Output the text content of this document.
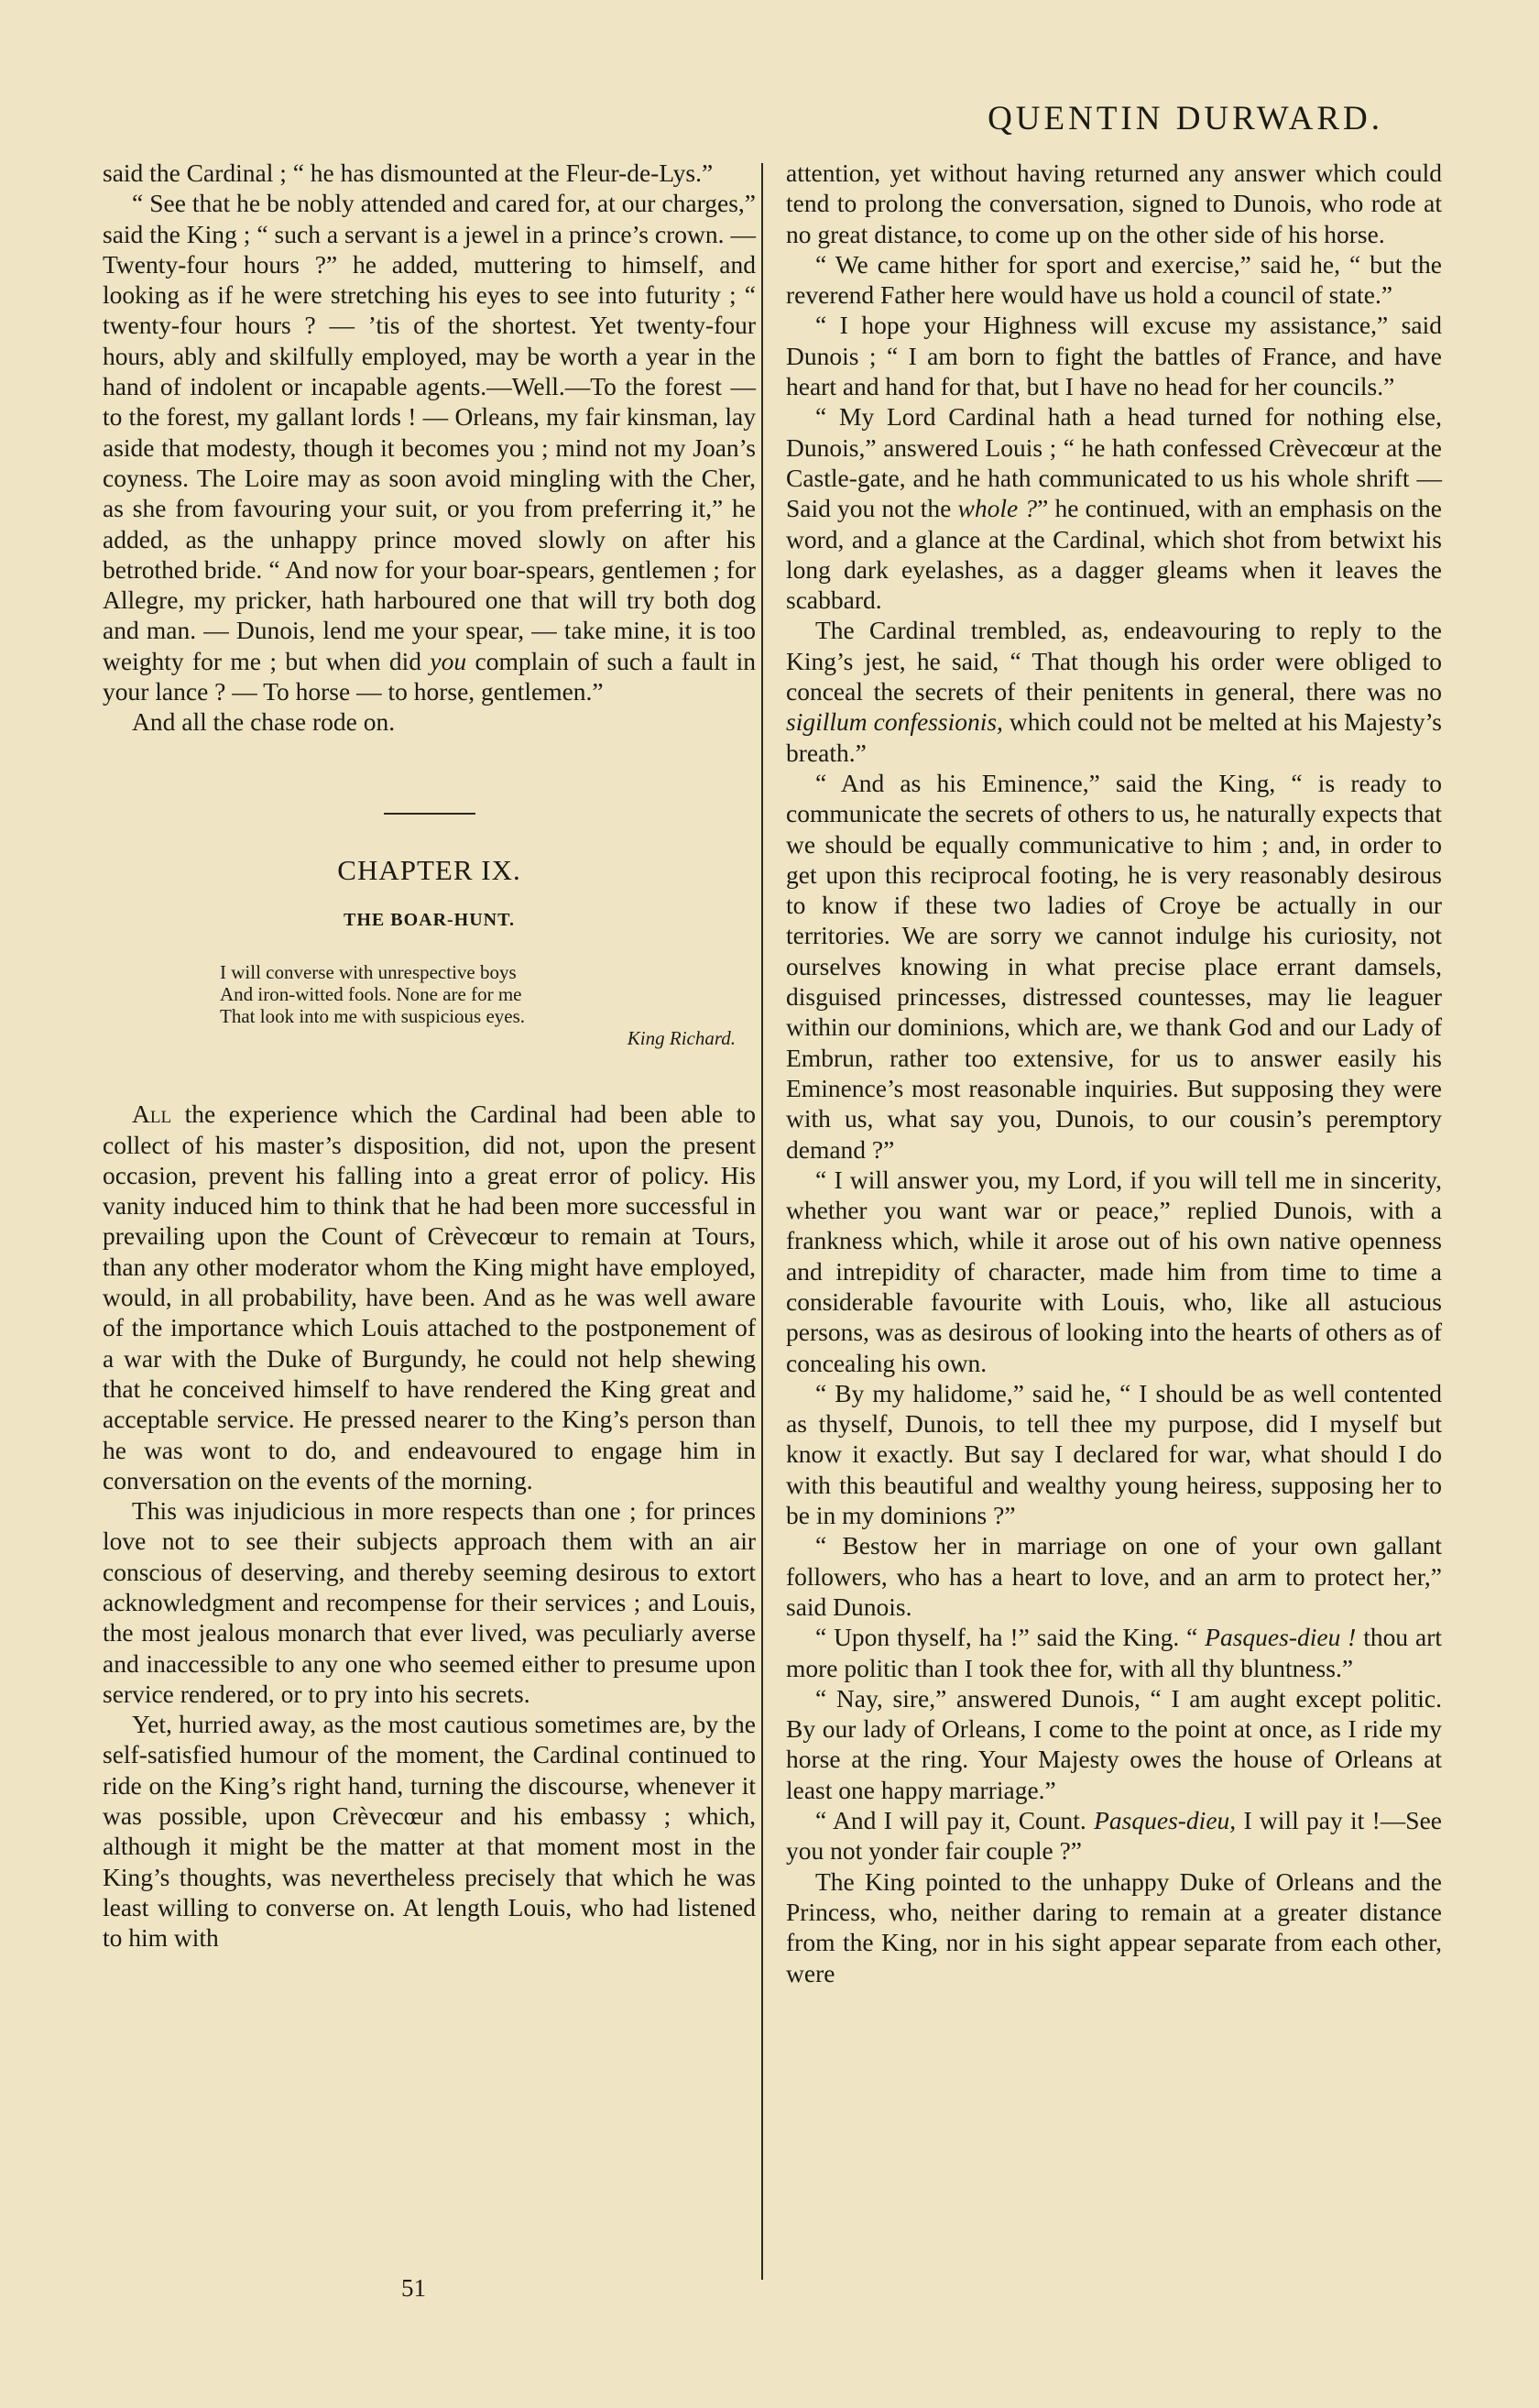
QUENTIN DURWARD.

said the Cardinal ; “ he has dismounted at the Fleur-de-Lys.”

“ See that he be nobly attended and cared for, at our charges,” said the King ; “ such a servant is a jewel in a prince’s crown. — Twenty-four hours ?” he added, muttering to himself, and looking as if he were stretching his eyes to see into futurity ; “ twenty-four hours ? — ’tis of the shortest. Yet twenty-four hours, ably and skilfully employed, may be worth a year in the hand of indolent or incapable agents.—Well.—To the forest — to the forest, my gallant lords ! — Orleans, my fair kinsman, lay aside that modesty, though it becomes you ; mind not my Joan’s coyness. The Loire may as soon avoid mingling with the Cher, as she from favouring your suit, or you from preferring it,” he added, as the unhappy prince moved slowly on after his betrothed bride. “ And now for your boar-spears, gentlemen ; for Allegre, my pricker, hath harboured one that will try both dog and man. — Dunois, lend me your spear, — take mine, it is too weighty for me ; but when did you complain of such a fault in your lance ? — To horse — to horse, gentlemen.”

And all the chase rode on.

CHAPTER IX.
THE BOAR-HUNT.
I will converse with unrespective boys
And iron-witted fools. None are for me
That look into me with suspicious eyes.
King Richard.

All the experience which the Cardinal had been able to collect of his master’s disposition, did not, upon the present occasion, prevent his falling into a great error of policy. His vanity induced him to think that he had been more successful in prevailing upon the Count of Crèvecœur to remain at Tours, than any other moderator whom the King might have employed, would, in all probability, have been. And as he was well aware of the importance which Louis attached to the postponement of a war with the Duke of Burgundy, he could not help shewing that he conceived himself to have rendered the King great and acceptable service. He pressed nearer to the King’s person than he was wont to do, and endeavoured to engage him in conversation on the events of the morning.

This was injudicious in more respects than one ; for princes love not to see their subjects approach them with an air conscious of deserving, and thereby seeming desirous to extort acknowledgment and recompense for their services ; and Louis, the most jealous monarch that ever lived, was peculiarly averse and inaccessible to any one who seemed either to presume upon service rendered, or to pry into his secrets.

Yet, hurried away, as the most cautious sometimes are, by the self-satisfied humour of the moment, the Cardinal continued to ride on the King’s right hand, turning the discourse, whenever it was possible, upon Crèvecœur and his embassy ; which, although it might be the matter at that moment most in the King’s thoughts, was nevertheless precisely that which he was least willing to converse on. At length Louis, who had listened to him with

attention, yet without having returned any answer which could tend to prolong the conversation, signed to Dunois, who rode at no great distance, to come up on the other side of his horse.

“ We came hither for sport and exercise,” said he, “ but the reverend Father here would have us hold a council of state.”

“ I hope your Highness will excuse my assistance,” said Dunois ; “ I am born to fight the battles of France, and have heart and hand for that, but I have no head for her councils.”

“ My Lord Cardinal hath a head turned for nothing else, Dunois,” answered Louis ; “ he hath confessed Crèvecœur at the Castle-gate, and he hath communicated to us his whole shrift — Said you not the whole ?” he continued, with an emphasis on the word, and a glance at the Cardinal, which shot from betwixt his long dark eyelashes, as a dagger gleams when it leaves the scabbard.

The Cardinal trembled, as, endeavouring to reply to the King’s jest, he said, “ That though his order were obliged to conceal the secrets of their penitents in general, there was no sigillum confessionis, which could not be melted at his Majesty’s breath.”

“ And as his Eminence,” said the King, “ is ready to communicate the secrets of others to us, he naturally expects that we should be equally communicative to him ; and, in order to get upon this reciprocal footing, he is very reasonably desirous to know if these two ladies of Croye be actually in our territories. We are sorry we cannot indulge his curiosity, not ourselves knowing in what precise place errant damsels, disguised princesses, distressed countesses, may lie leaguer within our dominions, which are, we thank God and our Lady of Embrun, rather too extensive, for us to answer easily his Eminence’s most reasonable inquiries. But supposing they were with us, what say you, Dunois, to our cousin’s peremptory demand ?”

“ I will answer you, my Lord, if you will tell me in sincerity, whether you want war or peace,” replied Dunois, with a frankness which, while it arose out of his own native openness and intrepidity of character, made him from time to time a considerable favourite with Louis, who, like all astucious persons, was as desirous of looking into the hearts of others as of concealing his own.

“ By my halidome,” said he, “ I should be as well contented as thyself, Dunois, to tell thee my purpose, did I myself but know it exactly. But say I declared for war, what should I do with this beautiful and wealthy young heiress, supposing her to be in my dominions ?”

“ Bestow her in marriage on one of your own gallant followers, who has a heart to love, and an arm to protect her,” said Dunois.

“ Upon thyself, ha !” said the King. “ Pasques-dieu ! thou art more politic than I took thee for, with all thy bluntness.”

“ Nay, sire,” answered Dunois, “ I am aught except politic. By our lady of Orleans, I come to the point at once, as I ride my horse at the ring. Your Majesty owes the house of Orleans at least one happy marriage.”

“ And I will pay it, Count. Pasques-dieu, I will pay it !—See you not yonder fair couple ?”

The King pointed to the unhappy Duke of Orleans and the Princess, who, neither daring to remain at a greater distance from the King, nor in his sight appear separate from each other, were

51
